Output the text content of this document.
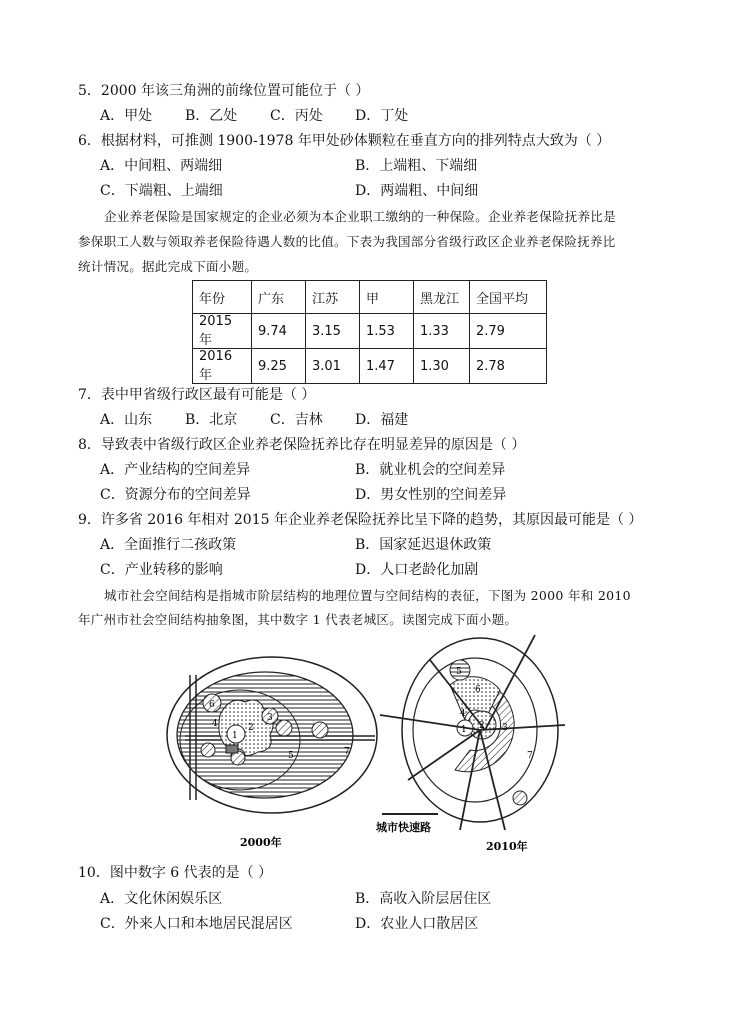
5．2000 年该三角洲的前缘位置可能位于（ ）
A．甲处 B．乙处 C．丙处 D．丁处
6．根据材料，可推测 1900-1978 年甲处砂体颗粒在垂直方向的排列特点大致为（ ）
A．中间粗、两端细	B．上端粗、下端细
C．下端粗、上端细	D．两端粗、中间细
企业养老保险是国家规定的企业必须为本企业职工缴纳的一种保险。企业养老保险抚养比是
参保职工人数与领取养老保险待遇人数的比值。下表为我国部分省级行政区企业养老保险抚养比
统计情况。据此完成下面小题。
年份	广东	江苏	甲	黑龙江	全国平均
2015年	9.74	3.15	1.53	1.33	2.79
2016年	9.25	3.01	1.47	1.30	2.78
7．表中甲省级行政区最有可能是（ ）
A．山东 B．北京 C．吉林 D．福建
8．导致表中省级行政区企业养老保险抚养比存在明显差异的原因是（ ）
A．产业结构的空间差异	B．就业机会的空间差异
C．资源分布的空间差异	D．男女性别的空间差异
9．许多省 2016 年相对 2015 年企业养老保险抚养比呈下降的趋势，其原因最可能是（ ）
A．全面推行二孩政策	B．国家延迟退休政策
C．产业转移的影响	D．人口老龄化加剧
城市社会空间结构是指城市阶层结构的地理位置与空间结构的表征，下图为 2000 年和 2010
年广州市社会空间结构抽象图，其中数字 1 代表老城区。读图完成下面小题。
1
2
3
4
5
6
7
1 2 3
4
5
6
7
城市快速路
2000年	2010年
10．图中数字 6 代表的是（ ）
A．文化休闲娱乐区	B．高收入阶层居住区
C．外来人口和本地居民混居区	D．农业人口散居区
